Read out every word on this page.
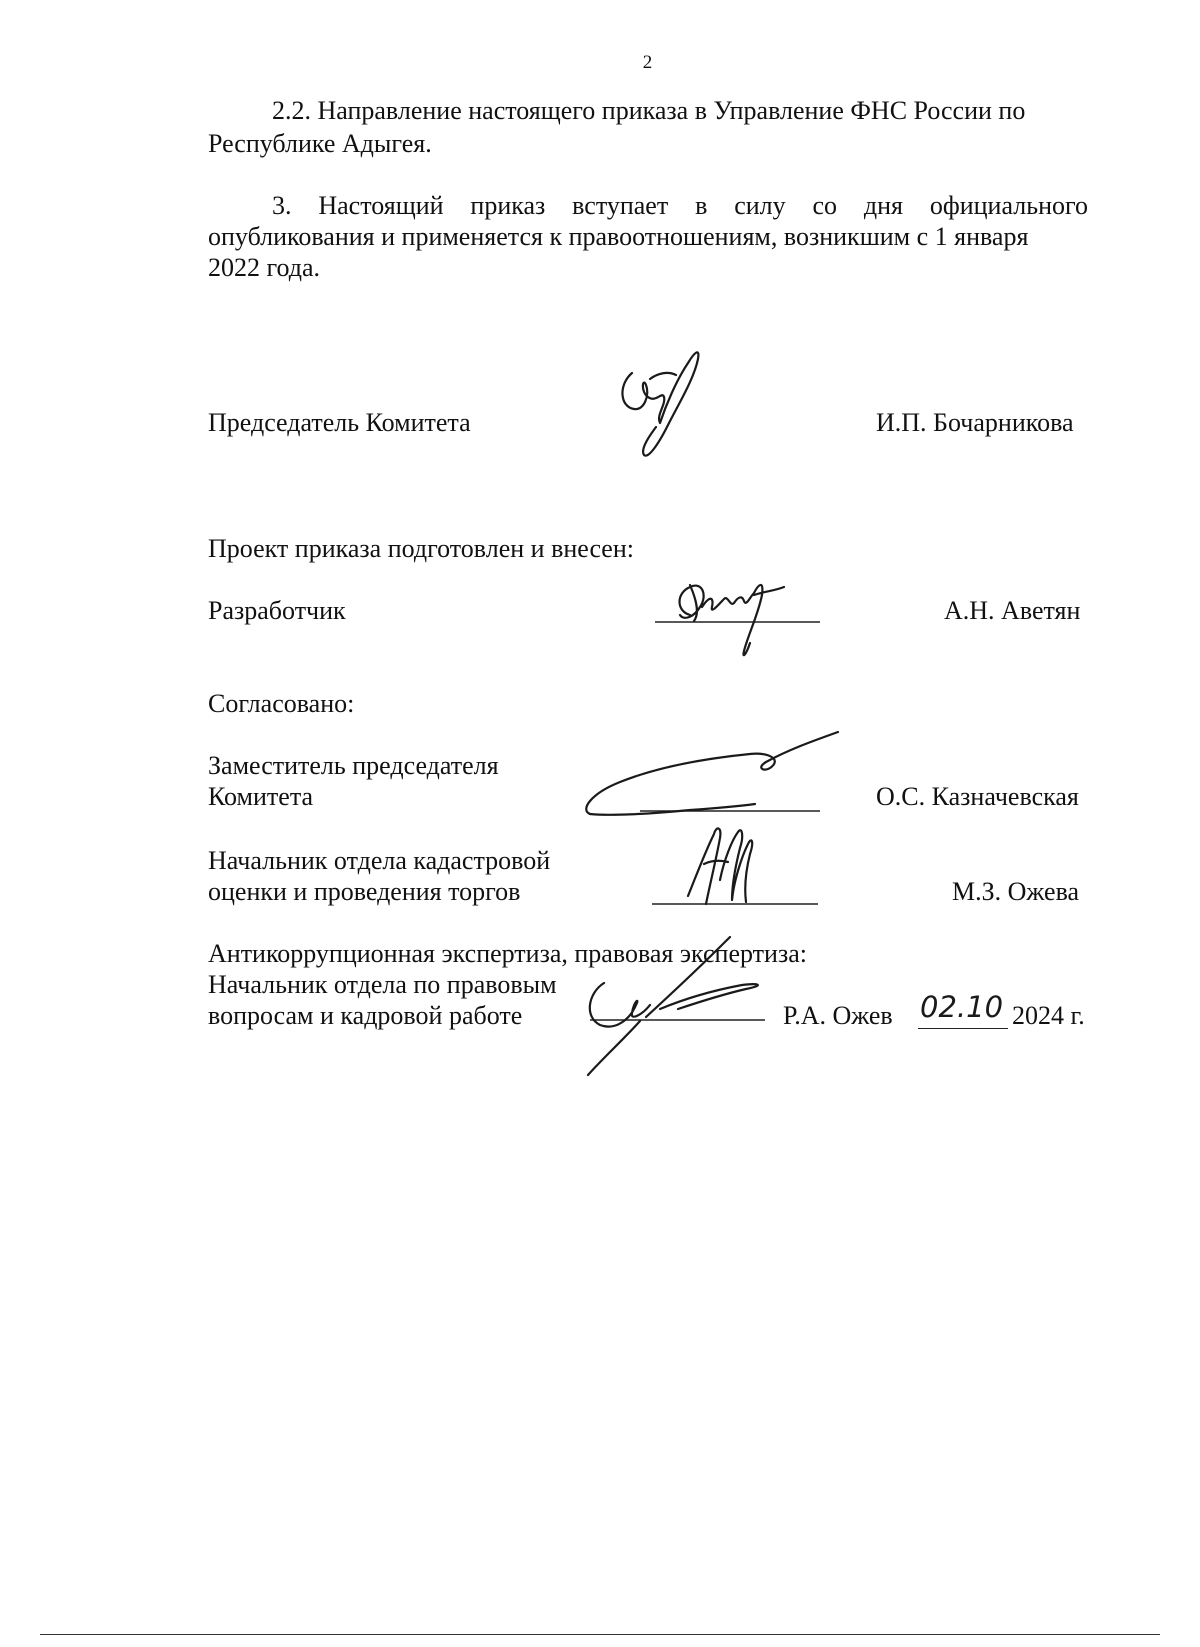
2
2.2. Направление настоящего приказа в Управление ФНС России по
Республике Адыгея.
3. Настоящий приказ вступает в силу со дня официального
опубликования и применяется к правоотношениям, возникшим с 1 января
2022 года.
Председатель Комитета	И.П. Бочарникова
Проект приказа подготовлен и внесен:
Разработчик	А.Н. Аветян
Согласовано:
Заместитель председателя
Комитета	О.С. Казначевская
Начальник отдела кадастровой
оценки и проведения торгов	М.З. Ожева
Антикоррупционная экспертиза, правовая экспертиза:
Начальник отдела по правовым
вопросам и кадровой работе	Р.А. Ожев 02.10 2024 г.
